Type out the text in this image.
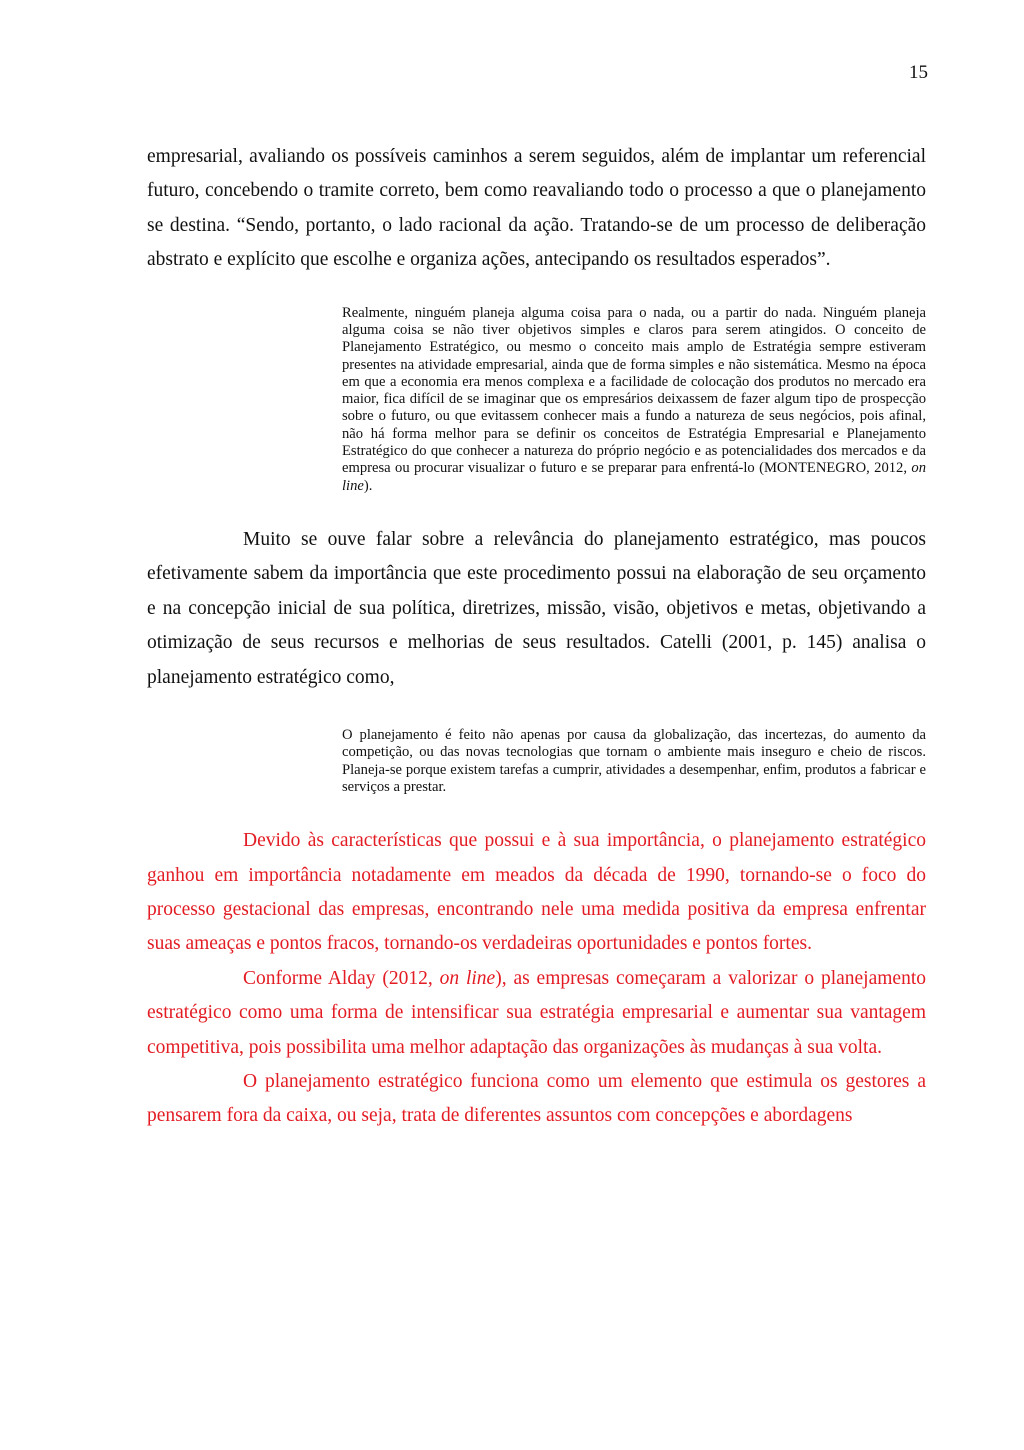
15

empresarial, avaliando os possíveis caminhos a serem seguidos, além de implantar um referencial futuro, concebendo o tramite correto, bem como reavaliando todo o processo a que o planejamento se destina. “Sendo, portanto, o lado racional da ação. Tratando-se de um processo de deliberação abstrato e explícito que escolhe e organiza ações, antecipando os resultados esperados”.

Realmente, ninguém planeja alguma coisa para o nada, ou a partir do nada. Ninguém planeja alguma coisa se não tiver objetivos simples e claros para serem atingidos. O conceito de Planejamento Estratégico, ou mesmo o conceito mais amplo de Estratégia sempre estiveram presentes na atividade empresarial, ainda que de forma simples e não sistemática. Mesmo na época em que a economia era menos complexa e a facilidade de colocação dos produtos no mercado era maior, fica difícil de se imaginar que os empresários deixassem de fazer algum tipo de prospecção sobre o futuro, ou que evitassem conhecer mais a fundo a natureza de seus negócios, pois afinal, não há forma melhor para se definir os conceitos de Estratégia Empresarial e Planejamento Estratégico do que conhecer a natureza do próprio negócio e as potencialidades dos mercados e da empresa ou procurar visualizar o futuro e se preparar para enfrentá-lo (MONTENEGRO, 2012, on line).

Muito se ouve falar sobre a relevância do planejamento estratégico, mas poucos efetivamente sabem da importância que este procedimento possui na elaboração de seu orçamento e na concepção inicial de sua política, diretrizes, missão, visão, objetivos e metas, objetivando a otimização de seus recursos e melhorias de seus resultados. Catelli (2001, p. 145) analisa o planejamento estratégico como,

O planejamento é feito não apenas por causa da globalização, das incertezas, do aumento da competição, ou das novas tecnologias que tornam o ambiente mais inseguro e cheio de riscos. Planeja-se porque existem tarefas a cumprir, atividades a desempenhar, enfim, produtos a fabricar e serviços a prestar.

Devido às características que possui e à sua importância, o planejamento estratégico ganhou em importância notadamente em meados da década de 1990, tornando-se o foco do processo gestacional das empresas, encontrando nele uma medida positiva da empresa enfrentar suas ameaças e pontos fracos, tornando-os verdadeiras oportunidades e pontos fortes.

Conforme Alday (2012, on line), as empresas começaram a valorizar o planejamento estratégico como uma forma de intensificar sua estratégia empresarial e aumentar sua vantagem competitiva, pois possibilita uma melhor adaptação das organizações às mudanças à sua volta.

O planejamento estratégico funciona como um elemento que estimula os gestores a pensarem fora da caixa, ou seja, trata de diferentes assuntos com concepções e abordagens
